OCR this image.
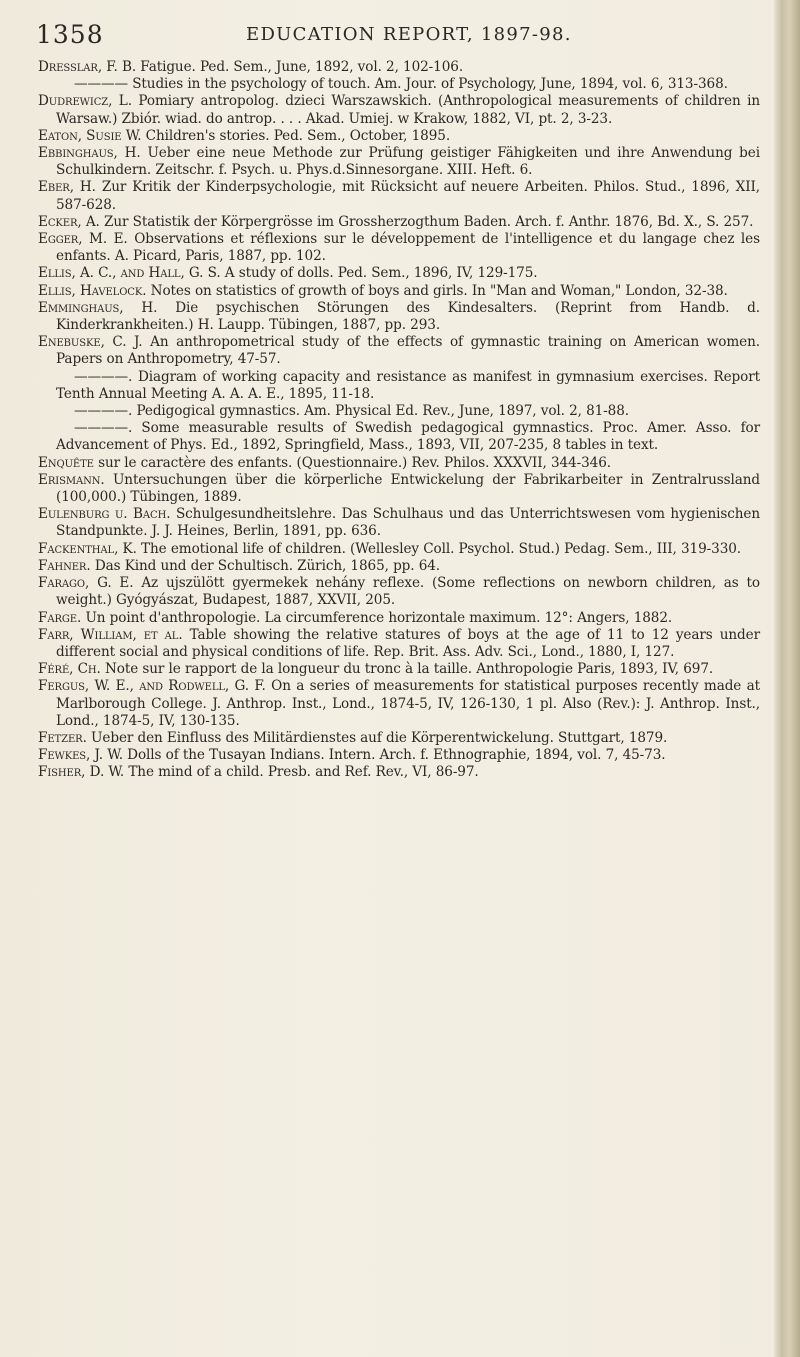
1358	EDUCATION REPORT, 1897-98.
Dresslar, F. B. Fatigue. Ped. Sem., June, 1892, vol. 2, 102-106.
———— Studies in the psychology of touch. Am. Jour. of Psychology, June, 1894, vol. 6, 313-368.
Dudrewicz, L. Pomiary antropolog. dzieci Warszawskich. (Anthropological measurements of children in Warsaw.) Zbiór. wiad. do antrop. . . . Akad. Umiej. w Krakow, 1882, VI, pt. 2, 3-23.
Eaton, Susie W. Children's stories. Ped. Sem., October, 1895.
Ebbinghaus, H. Ueber eine neue Methode zur Prüfung geistiger Fähigkeiten und ihre Anwendung bei Schulkindern. Zeitschr. f. Psych. u. Phys.d.Sinnesorgane. XIII. Heft. 6.
Eber, H. Zur Kritik der Kinderpsychologie, mit Rücksicht auf neuere Arbeiten. Philos. Stud., 1896, XII, 587-628.
Ecker, A. Zur Statistik der Körpergrösse im Grossherzogthum Baden. Arch. f. Anthr. 1876, Bd. X., S. 257.
Egger, M. E. Observations et réflexions sur le développement de l'intelligence et du langage chez les enfants. A. Picard, Paris, 1887, pp. 102.
Ellis, A. C., and Hall, G. S. A study of dolls. Ped. Sem., 1896, IV, 129-175.
Ellis, Havelock. Notes on statistics of growth of boys and girls. In "Man and Woman," London, 32-38.
Emminghaus, H. Die psychischen Störungen des Kindesalters. (Reprint from Handb. d. Kinderkrankheiten.) H. Laupp. Tübingen, 1887, pp. 293.
Enebuske, C. J. An anthropometrical study of the effects of gymnastic training on American women. Papers on Anthropometry, 47-57.
————. Diagram of working capacity and resistance as manifest in gymnasium exercises. Report Tenth Annual Meeting A. A. A. E., 1895, 11-18.
————. Pedigogical gymnastics. Am. Physical Ed. Rev., June, 1897, vol. 2, 81-88.
————. Some measurable results of Swedish pedagogical gymnastics. Proc. Amer. Asso. for Advancement of Phys. Ed., 1892, Springfield, Mass., 1893, VII, 207-235, 8 tables in text.
Enquête sur le caractère des enfants. (Questionnaire.) Rev. Philos. XXXVII, 344-346.
Erismann. Untersuchungen über die körperliche Entwickelung der Fabrikarbeiter in Zentralrussland (100,000.) Tübingen, 1889.
Eulenburg u. Bach. Schulgesundheitslehre. Das Schulhaus und das Unterrichtswesen vom hygienischen Standpunkte. J. J. Heines, Berlin, 1891, pp. 636.
Fackenthal, K. The emotional life of children. (Wellesley Coll. Psychol. Stud.) Pedag. Sem., III, 319-330.
Fahner. Das Kind und der Schultisch. Zürich, 1865, pp. 64.
Farago, G. E. Az ujszülött gyermekek nehány reflexe. (Some reflections on newborn children, as to weight.) Gyógyászat, Budapest, 1887, XXVII, 205.
Farge. Un point d'anthropologie. La circumference horizontale maximum. 12°: Angers, 1882.
Farr, William, et al. Table showing the relative statures of boys at the age of 11 to 12 years under different social and physical conditions of life. Rep. Brit. Ass. Adv. Sci., Lond., 1880, I, 127.
Féré, Ch. Note sur le rapport de la longueur du tronc à la taille. Anthropologie Paris, 1893, IV, 697.
Fergus, W. E., and Rodwell, G. F. On a series of measurements for statistical purposes recently made at Marlborough College. J. Anthrop. Inst., Lond., 1874-5, IV, 126-130, 1 pl. Also (Rev.): J. Anthrop. Inst., Lond., 1874-5, IV, 130-135.
Fetzer. Ueber den Einfluss des Militärdienstes auf die Körperentwickelung. Stuttgart, 1879.
Fewkes, J. W. Dolls of the Tusayan Indians. Intern. Arch. f. Ethnographie, 1894, vol. 7, 45-73.
Fisher, D. W. The mind of a child. Presb. and Ref. Rev., VI, 86-97.
